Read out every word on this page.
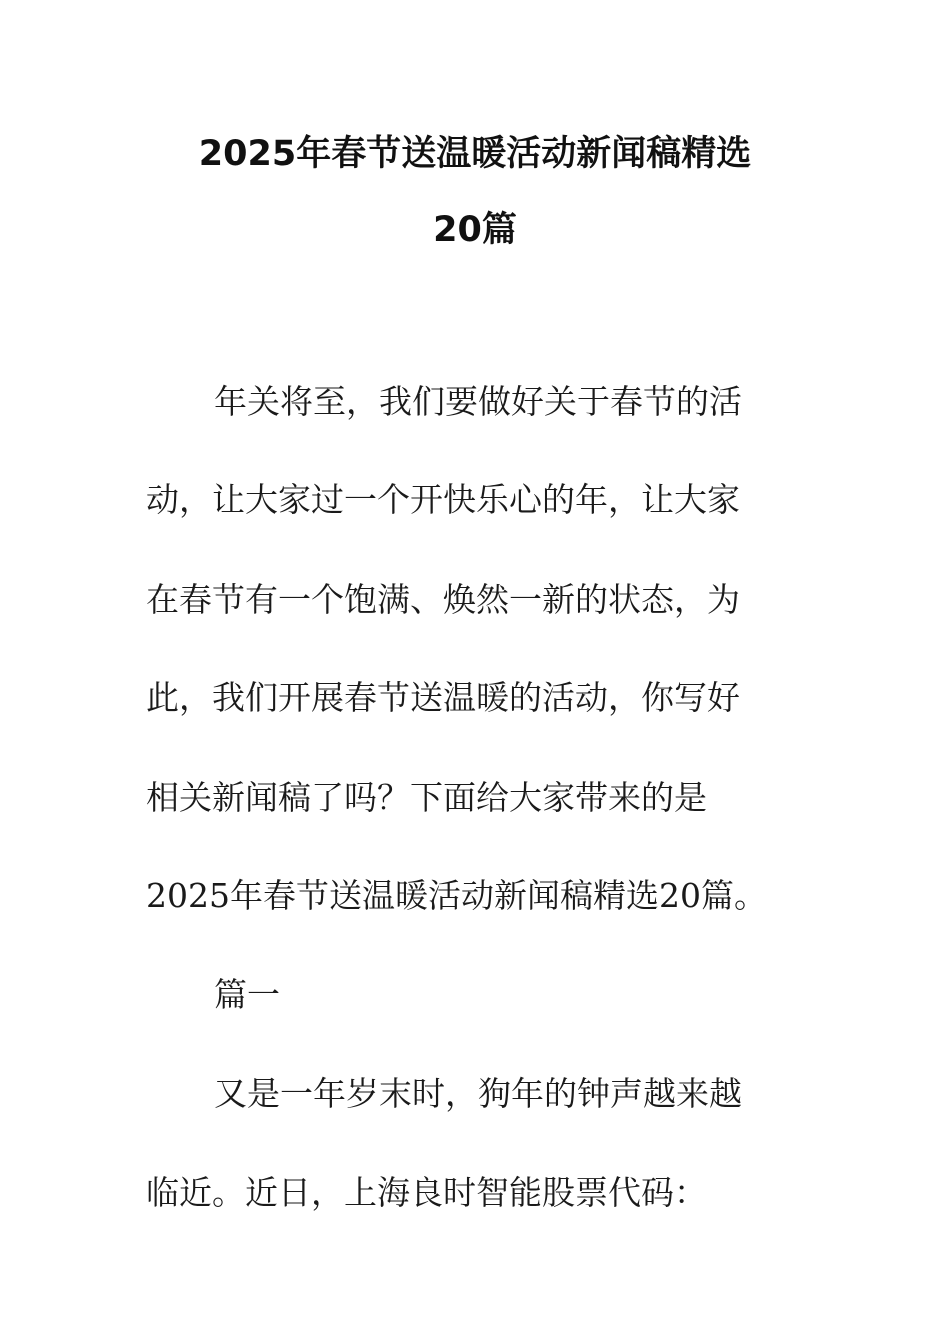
2025年春节送温暖活动新闻稿精选
20篇
年关将至，我们要做好关于春节的活
动，让大家过一个开快乐心的年，让大家
在春节有一个饱满、焕然一新的状态，为
此，我们开展春节送温暖的活动，你写好
相关新闻稿了吗？下面给大家带来的是
2025年春节送温暖活动新闻稿精选20篇。
篇一
又是一年岁末时，狗年的钟声越来越
临近。近日，上海良时智能股票代码：
